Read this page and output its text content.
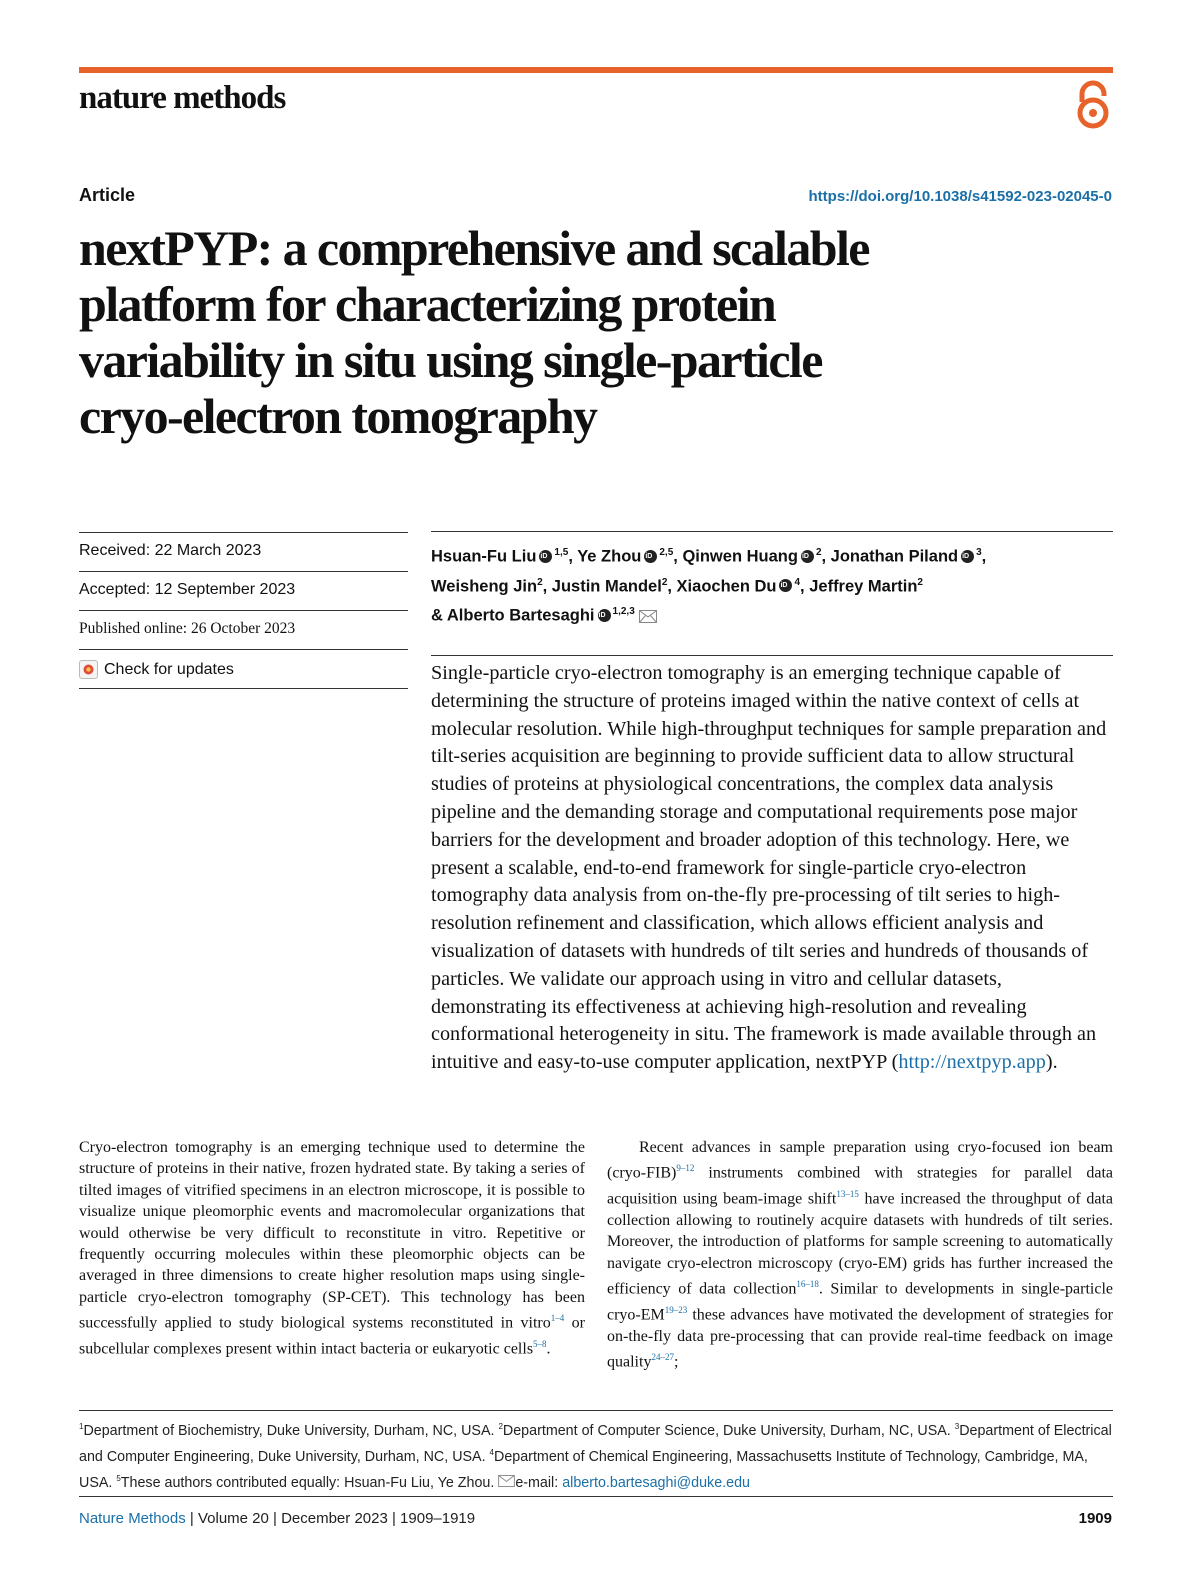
nature methods
Article	https://doi.org/10.1038/s41592-023-02045-0
nextPYP: a comprehensive and scalable
platform for characterizing protein
variability in situ using single-particle
cryo-electron tomography
Received: 22 March 2023
Accepted: 12 September 2023
Published online: 26 October 2023
Check for updates
Hsuan-Fu Liu iD $^{1,5}$, Ye Zhou iD $^{2,5}$, Qinwen Huang iD $^2$, Jonathan Piland iD $^3$,
Weisheng Jin$^2$, Justin Mandel$^2$, Xiaochen Du iD $^4$, Jeffrey Martin$^2$
& Alberto Bartesaghi iD $^{1,2,3}$

Single-particle cryo-electron tomography is an emerging technique capable of determining the structure of proteins imaged within the native context of cells at molecular resolution. While high-throughput techniques for sample preparation and tilt-series acquisition are beginning to provide sufficient data to allow structural studies of proteins at physiological concentrations, the complex data analysis pipeline and the demanding storage and computational requirements pose major barriers for the development and broader adoption of this technology. Here, we present a scalable, end-to-end framework for single-particle cryo-electron tomography data analysis from on-the-fly pre-processing of tilt series to high-resolution refinement and classification, which allows efficient analysis and visualization of datasets with hundreds of tilt series and hundreds of thousands of particles. We validate our approach using in vitro and cellular datasets, demonstrating its effectiveness at achieving high-resolution and revealing conformational heterogeneity in situ. The framework is made available through an intuitive and easy-to-use computer application, nextPYP (http://nextpyp.app).

Cryo-electron tomography is an emerging technique used to determine the structure of proteins in their native, frozen hydrated state. By taking a series of tilted images of vitrified specimens in an electron microscope, it is possible to visualize unique pleomorphic events and macromolecular organizations that would otherwise be very difficult to reconstitute in vitro. Repetitive or frequently occurring molecules within these pleomorphic objects can be averaged in three dimensions to create higher resolution maps using single-particle cryo-electron tomography (SP-CET). This technology has been successfully applied to study biological systems reconstituted in vitro$^{1-4}$ or subcellular complexes present within intact bacteria or eukaryotic cells$^{5-8}$.

Recent advances in sample preparation using cryo-focused ion beam (cryo-FIB)$^{9-12}$ instruments combined with strategies for parallel data acquisition using beam-image shift$^{13-15}$ have increased the throughput of data collection allowing to routinely acquire datasets with hundreds of tilt series. Moreover, the introduction of platforms for sample screening to automatically navigate cryo-electron microscopy (cryo-EM) grids has further increased the efficiency of data collection$^{16-18}$. Similar to developments in single-particle cryo-EM$^{19-23}$ these advances have motivated the development of strategies for on-the-fly data pre-processing that can provide real-time feedback on image quality$^{24-27}$;

$^1$Department of Biochemistry, Duke University, Durham, NC, USA. $^2$Department of Computer Science, Duke University, Durham, NC, USA. $^3$Department of Electrical and Computer Engineering, Duke University, Durham, NC, USA. $^4$Department of Chemical Engineering, Massachusetts Institute of Technology, Cambridge, MA, USA. $^5$These authors contributed equally: Hsuan-Fu Liu, Ye Zhou. e-mail: alberto.bartesaghi@duke.edu
Nature Methods | Volume 20 | December 2023 | 1909–1919	1909
